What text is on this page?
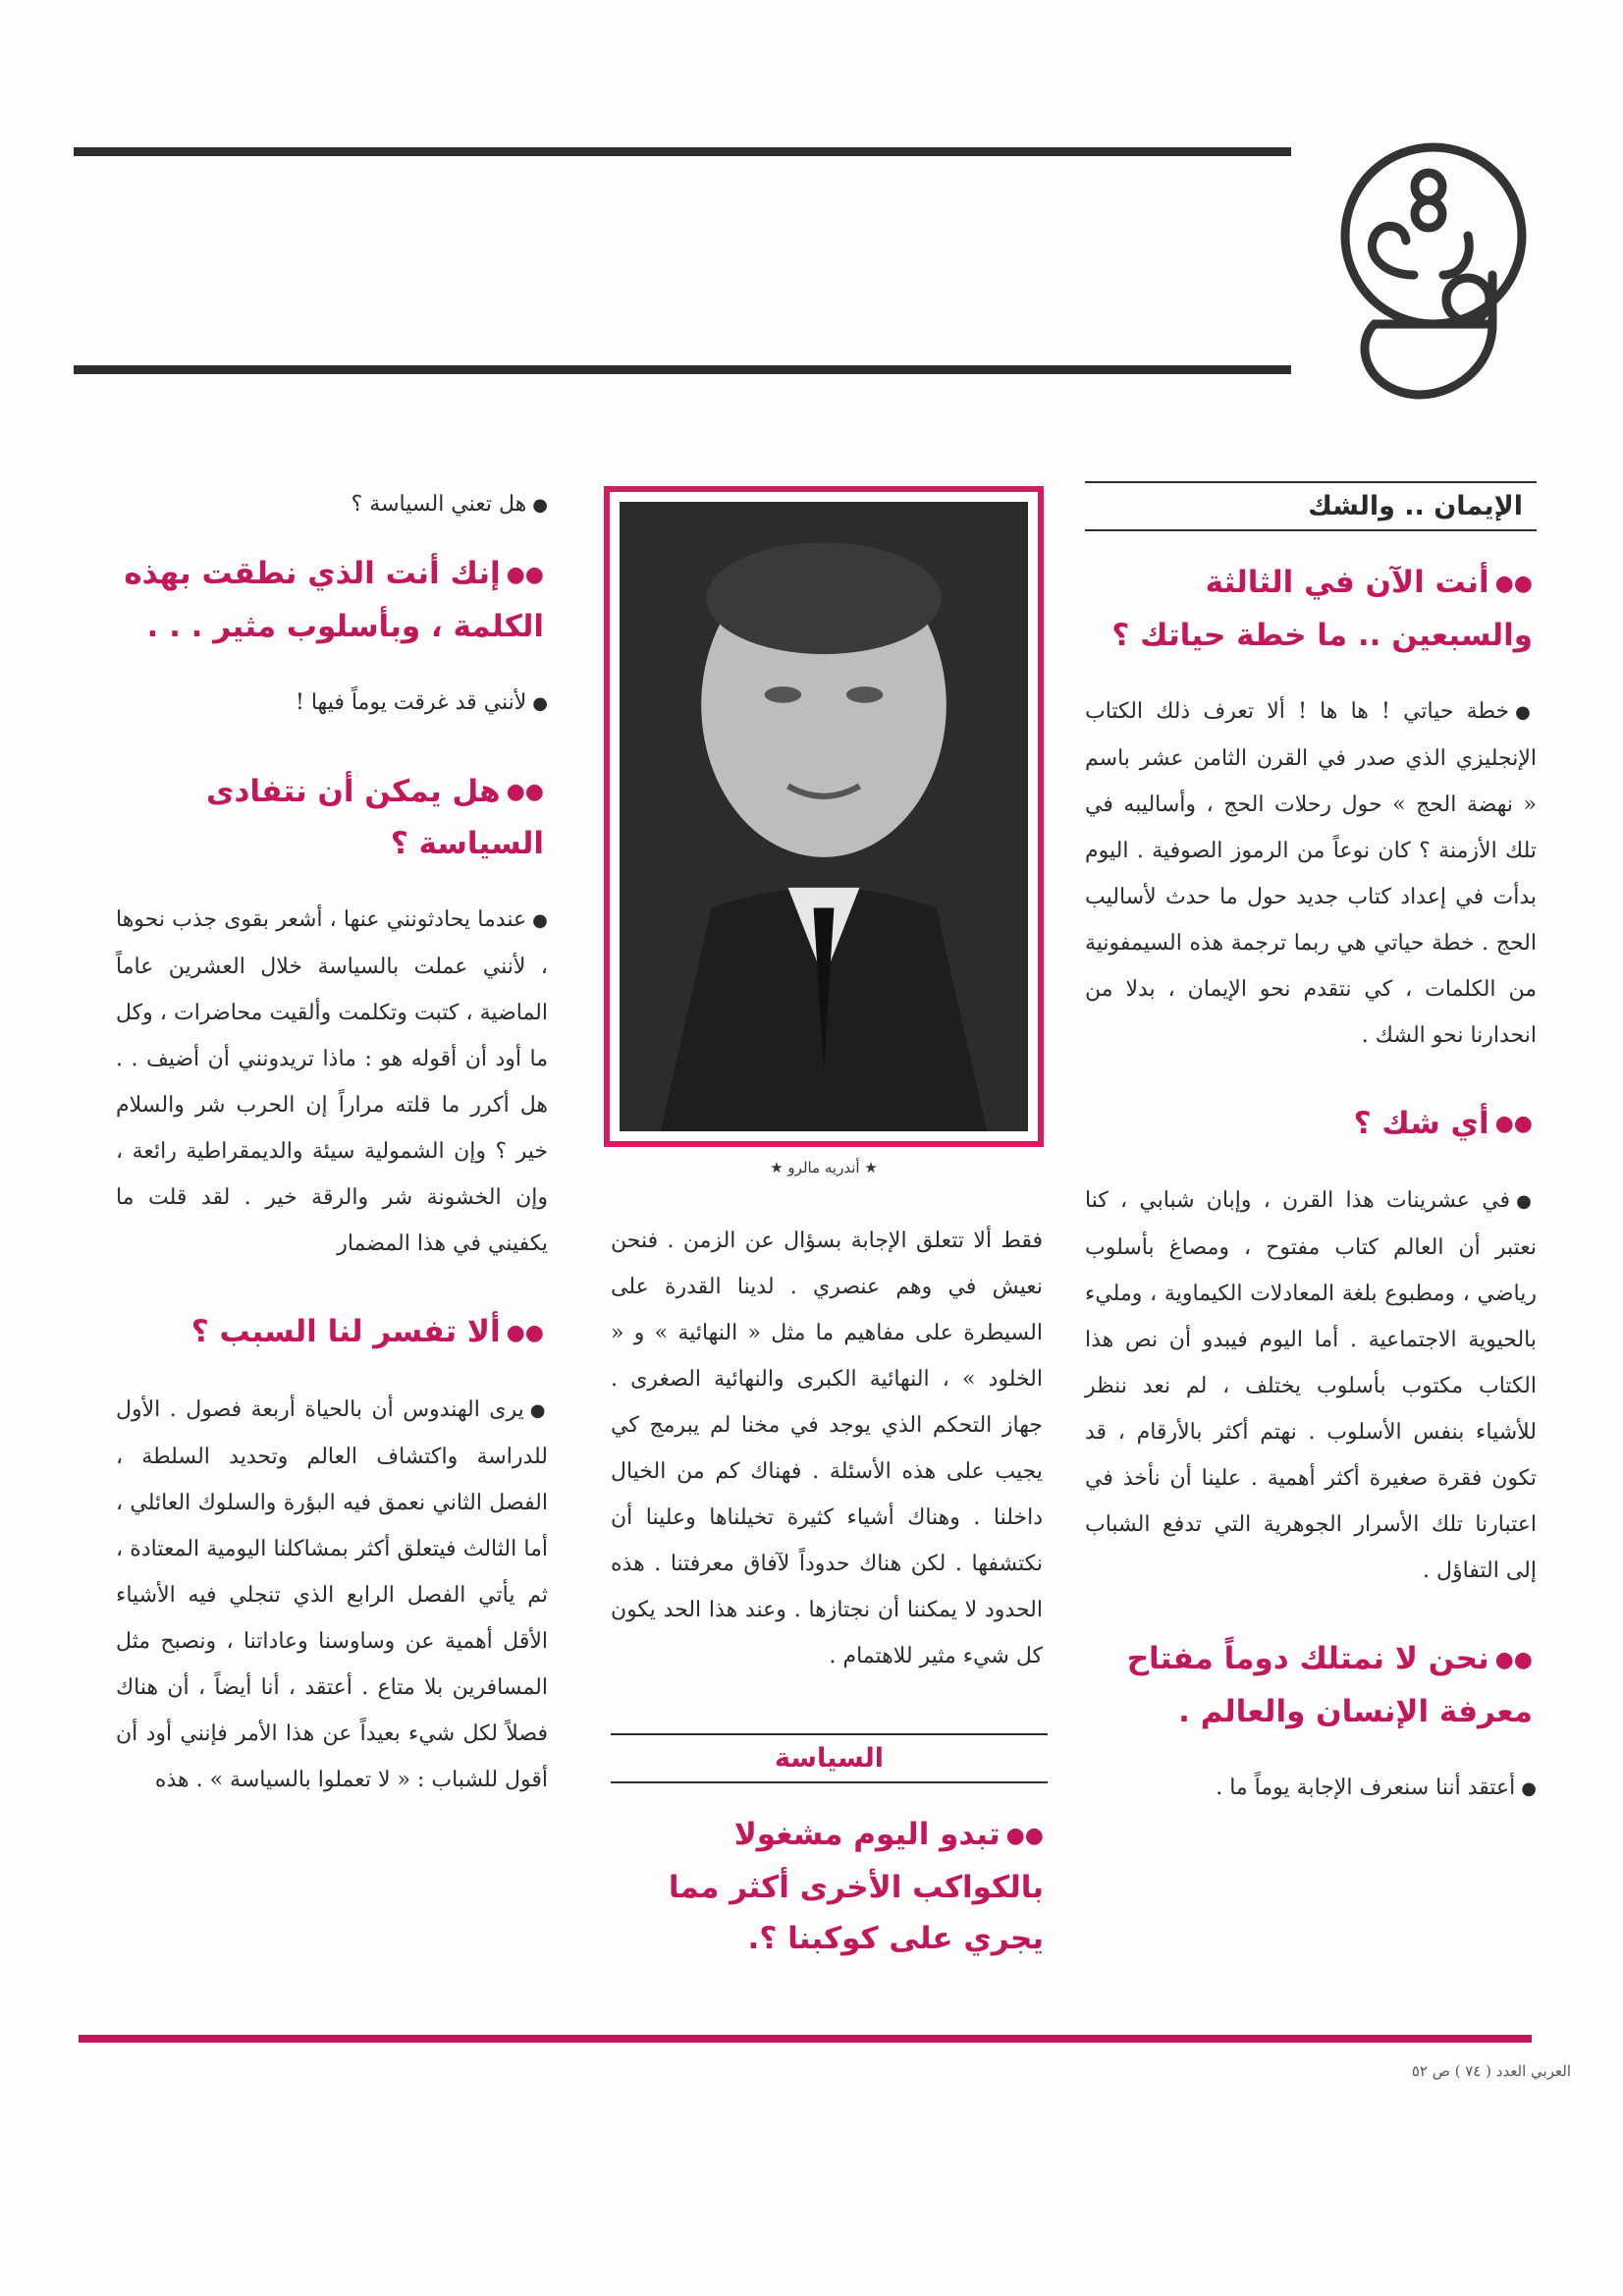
الإيمان .. والشك
●●أنت الآن في الثالثة والسبعين .. ما خطة حياتك ؟
●خطة حياتي ! ها ها ! ألا تعرف ذلك الكتاب الإنجليزي الذي صدر في القرن الثامن عشر باسم « نهضة الحج » حول رحلات الحج ، وأساليبه في تلك الأزمنة ؟ كان نوعاً من الرموز الصوفية . اليوم بدأت في إعداد كتاب جديد حول ما حدث لأساليب الحج . خطة حياتي هي ربما ترجمة هذه السيمفونية من الكلمات ، كي نتقدم نحو الإيمان ، بدلا من انحدارنا نحو الشك .
●●أي شك ؟
●في عشرينات هذا القرن ، وإبان شبابي ، كنا نعتبر أن العالم كتاب مفتوح ، ومصاغ بأسلوب رياضي ، ومطبوع بلغة المعادلات الكيماوية ، ومليء بالحيوية الاجتماعية . أما اليوم فيبدو أن نص هذا الكتاب مكتوب بأسلوب يختلف ، لم نعد ننظر للأشياء بنفس الأسلوب . نهتم أكثر بالأرقام ، قد تكون فقرة صغيرة أكثر أهمية . علينا أن نأخذ في اعتبارنا تلك الأسرار الجوهرية التي تدفع الشباب إلى التفاؤل .
●●نحن لا نمتلك دوماً مفتاح معرفة الإنسان والعالم .
●أعتقد أننا سنعرف الإجابة يوماً ما .
★ أندريه مالرو ★
فقط ألا تتعلق الإجابة بسؤال عن الزمن . فنحن نعيش في وهم عنصري . لدينا القدرة على السيطرة على مفاهيم ما مثل « النهائية » و « الخلود » ، النهائية الكبرى والنهائية الصغرى . جهاز التحكم الذي يوجد في مخنا لم يبرمج كي يجيب على هذه الأسئلة . فهناك كم من الخيال داخلنا . وهناك أشياء كثيرة تخيلناها وعلينا أن نكتشفها . لكن هناك حدوداً لآفاق معرفتنا . هذه الحدود لا يمكننا أن نجتازها . وعند هذا الحد يكون كل شيء مثير للاهتمام .
السياسة
●●تبدو اليوم مشغولا بالكواكب الأخرى أكثر مما يجري على كوكبنا ؟.
●هل تعني السياسة ؟
●●إنك أنت الذي نطقت بهذه الكلمة ، وبأسلوب مثير . . .
●لأنني قد غرقت يوماً فيها !
●●هل يمكن أن نتفادى السياسة ؟
●عندما يحادثونني عنها ، أشعر بقوى جذب نحوها ، لأنني عملت بالسياسة خلال العشرين عاماً الماضية ، كتبت وتكلمت وألقيت محاضرات ، وكل ما أود أن أقوله هو : ماذا تريدونني أن أضيف . . هل أكرر ما قلته مراراً إن الحرب شر والسلام خير ؟ وإن الشمولية سيئة والديمقراطية رائعة ، وإن الخشونة شر والرقة خير . لقد قلت ما يكفيني في هذا المضمار
●●ألا تفسر لنا السبب ؟
●يرى الهندوس أن بالحياة أربعة فصول . الأول للدراسة واكتشاف العالم وتحديد السلطة ، الفصل الثاني نعمق فيه البؤرة والسلوك العائلي ، أما الثالث فيتعلق أكثر بمشاكلنا اليومية المعتادة ، ثم يأتي الفصل الرابع الذي تنجلي فيه الأشياء الأقل أهمية عن وساوسنا وعاداتنا ، ونصبح مثل المسافرين بلا متاع . أعتقد ، أنا أيضاً ، أن هناك فصلاً لكل شيء بعيداً عن هذا الأمر فإنني أود أن أقول للشباب : « لا تعملوا بالسياسة » . هذه
العربي العدد ( ٧٤ ) ص ٥٢
